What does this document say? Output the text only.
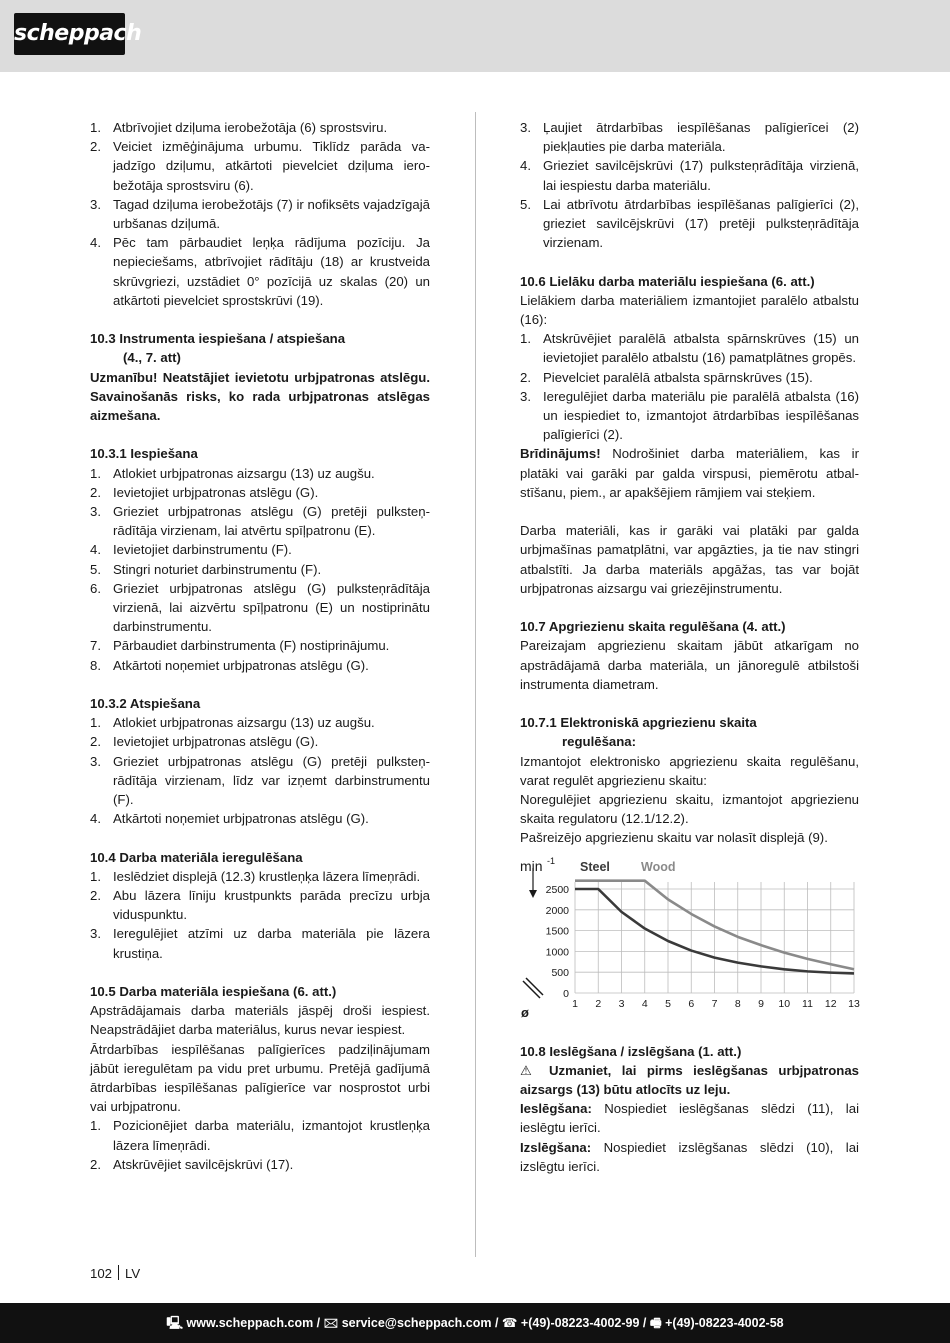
scheppach
1. Atbrīvojiet dziļuma ierobežotāja (6) sprostsviru.
2. Veiciet izmēģinājuma urbumu. Tiklīdz parāda vajadzīgo dziļumu, atkārtoti pievelciet dziļuma ierobežotāja sprostsviru (6).
3. Tagad dziļuma ierobežotājs (7) ir nofiksēts vajadzīgajā urbšanas dziļumā.
4. Pēc tam pārbaudiet leņķa rādījuma pozīciju. Ja nepieciešams, atbrīvojiet rādītāju (18) ar krustveida skrūvgriezi, uzstādiet 0° pozīcijā uz skalas (20) un atkārtoti pievelciet sprostskrūvi (19).

10.3 Instrumenta iespiešana / atspiešana

(4., 7. att)

Uzmanību! Neatstājiet ievietotu urbjpatronas atslēgu. Savainošanās risks, ko rada urbjpatronas atslēgas aizmešana.

10.3.1 Iespiešana

1. Atlokiet urbjpatronas aizsargu (13) uz augšu.
2. Ievietojiet urbjpatronas atslēgu (G).
3. Grieziet urbjpatronas atslēgu (G) pretēji pulksteņrādītāja virzienam, lai atvērtu spīļpatronu (E).
4. Ievietojiet darbinstrumentu (F).
5. Stingri noturiet darbinstrumentu (F).
6. Grieziet urbjpatronas atslēgu (G) pulksteņrādītāja virzienā, lai aizvērtu spīļpatronu (E) un nostiprinātu darbinstrumentu.
7. Pārbaudiet darbinstrumenta (F) nostiprinājumu.
8. Atkārtoti noņemiet urbjpatronas atslēgu (G).

10.3.2 Atspiešana

1. Atlokiet urbjpatronas aizsargu (13) uz augšu.
2. Ievietojiet urbjpatronas atslēgu (G).
3. Grieziet urbjpatronas atslēgu (G) pretēji pulksteņrādītāja virzienam, līdz var izņemt darbinstrumentu (F).
4. Atkārtoti noņemiet urbjpatronas atslēgu (G).

10.4 Darba materiāla ieregulēšana

1. Ieslēdziet displejā (12.3) krustleņķa lāzera līmeņrādi.
2. Abu lāzera līniju krustpunkts parāda precīzu urbja viduspunktu.
3. Ieregulējiet atzīmi uz darba materiāla pie lāzera krustiņa.

10.5 Darba materiāla iespiešana (6. att.)

Apstrādājamais darba materiāls jāspēj droši iespiest. Neapstrādājiet darba materiālus, kurus nevar iespiest.

Ātrdarbības iespīlēšanas palīgierīces padziļinājumam jābūt ieregulētam pa vidu pret urbumu. Pretējā gadījumā ātrdarbības iespīlēšanas palīgierīce var nosprostot urbi vai urbjpatronu.

1. Pozicionējiet darba materiālu, izmantojot krustleņķa lāzera līmeņrādi.
2. Atskrūvējiet savilcējskrūvi (17).
3. Ļaujiet ātrdarbības iespīlēšanas palīgierīcei (2) piekļauties pie darba materiāla.
4. Grieziet savilcējskrūvi (17) pulksteņrādītāja virzienā, lai iespiestu darba materiālu.
5. Lai atbrīvotu ātrdarbības iespīlēšanas palīgierīci (2), grieziet savilcējskrūvi (17) pretēji pulksteņrādītāja virzienam.

10.6 Lielāku darba materiālu iespiešana (6. att.)

Lielākiem darba materiāliem izmantojiet paralēlo atbalstu (16):

1. Atskrūvējiet paralēlā atbalsta spārnskrūves (15) un ievietojiet paralēlo atbalstu (16) pamatplātnes gropēs.
2. Pievelciet paralēlā atbalsta spārnskrūves (15).
3. Ieregulējiet darba materiālu pie paralēlā atbalsta (16) un iespiediet to, izmantojot ātrdarbības iespīlēšanas palīgierīci (2).

Brīdinājums! Nodrošiniet darba materiāliem, kas ir platāki vai garāki par galda virspusi, piemērotu atbalstīšanu, piem., ar apakšējiem rāmjiem vai steķiem.

Darba materiāli, kas ir garāki vai platāki par galda urbjmašīnas pamatplātni, var apgāzties, ja tie nav stingri atbalstīti. Ja darba materiāls apgāžas, tas var bojāt urbjpatronas aizsargu vai griezējinstrumentu.

10.7 Apgriezienu skaita regulēšana (4. att.)

Pareizajam apgriezienu skaitam jābūt atkarīgam no apstrādājamā darba materiāla, un jānoregulē atbilstoši instrumenta diametram.

10.7.1 Elektroniskā apgriezienu skaita

regulēšana:

Izmantojot elektronisko apgriezienu skaita regulēšanu, varat regulēt apgriezienu skaitu:

Noregulējiet apgriezienu skaitu, izmantojot apgriezienu skaita regulatoru (12.1/12.2).

Pašreizējo apgriezienu skaitu var nolasīt displejā (9).

0
500
1000
1500
2000
2500
1 2 3 4 5 6 7 8 9 10 11 12 13
min -1
ø
Steel Wood

10.8 Ieslēgšana / izslēgšana (1. att.)

⚠ Uzmaniet, lai pirms ieslēgšanas urbjpatronas aizsargs (13) būtu atlocīts uz leju.

Ieslēgšana: Nospiediet ieslēgšanas slēdzi (11), lai ieslēgtu ierīci.

Izslēgšana: Nospiediet izslēgšanas slēdzi (10), lai izslēgtu ierīci.

102 LV
🖳 www.scheppach.com / 🖂 service@scheppach.com / ☎ +(49)-08223-4002-99 / 🖷 +(49)-08223-4002-58
